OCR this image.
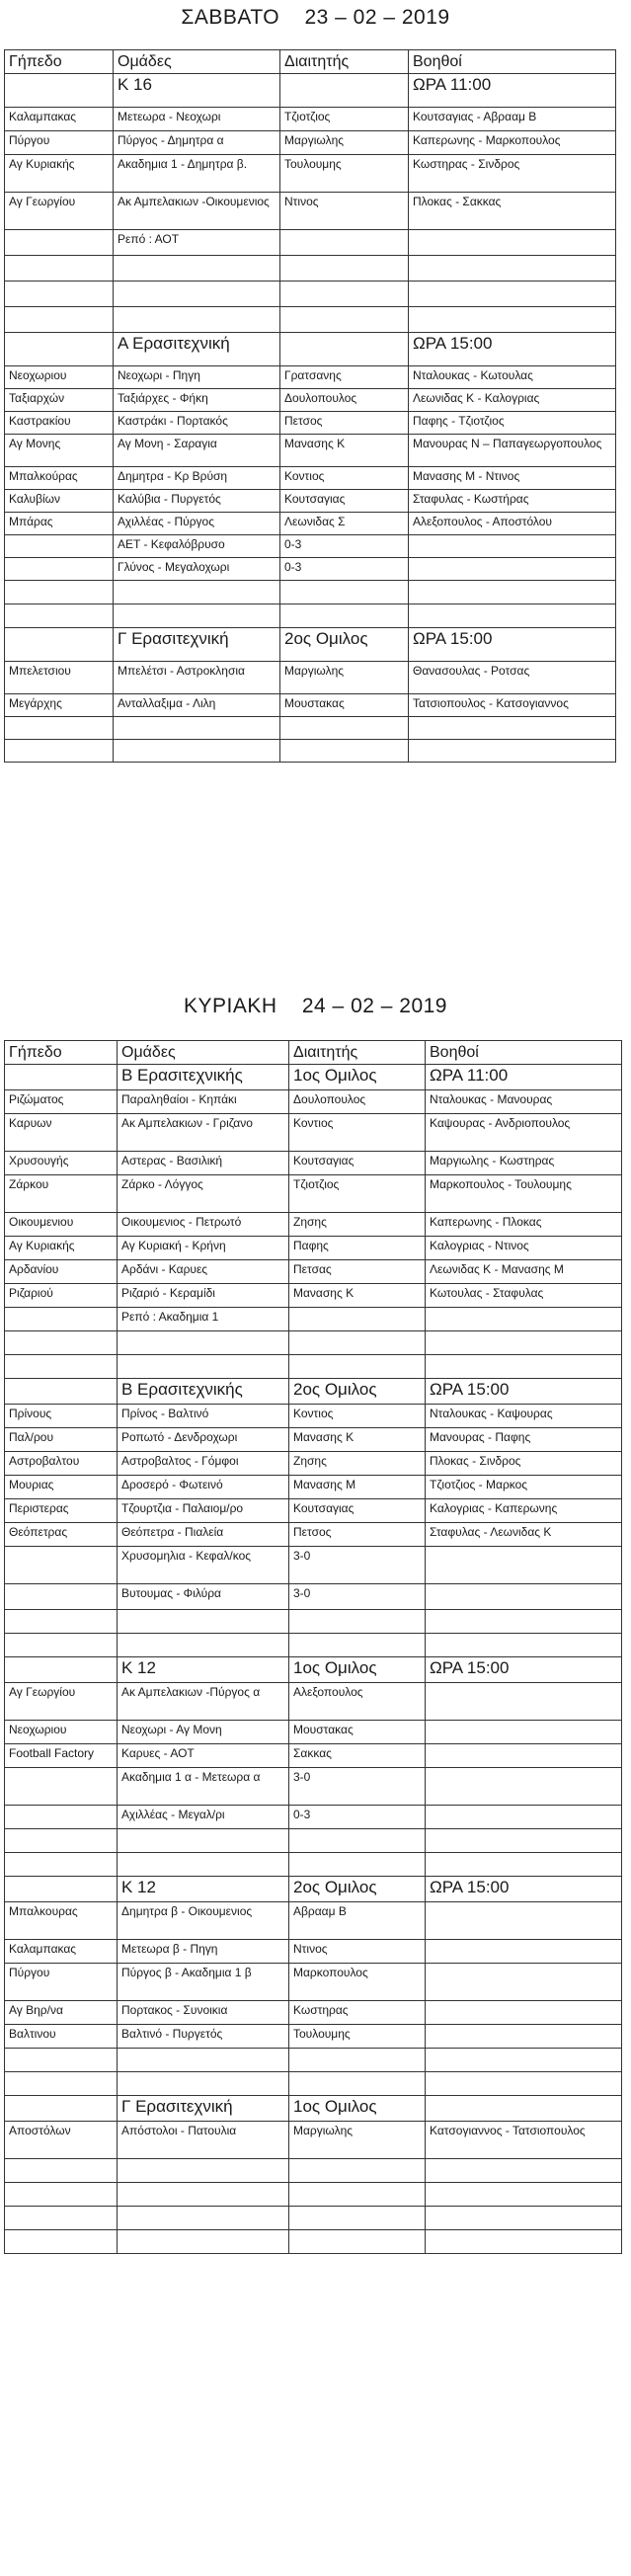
ΣΑΒΒΑΤΟ    23 – 02 – 2019
Γήπεδο	Ομάδες	Διαιτητής	Βοηθοί
	Κ 16		ΩΡΑ 11:00
Καλαμπακας	Μετεωρα - Νεοχωρι	Τζιοτζιος	Κουτσαγιας - Αβρααμ Β
Πύργου	Πύργος - Δημητρα α	Μαργιωλης	Καπερωνης - Μαρκοπουλος
Αγ Κυριακής	Ακαδημια 1 - Δημητρα β.	Τουλουμης	Κωστηρας - Σινδρος
Αγ Γεωργίου	Ακ Αμπελακιων -Οικουμενιος	Ντινος	Πλοκας - Σακκας
	Ρεπό : ΑΟΤ		

	Α Ερασιτεχνική		ΩΡΑ 15:00
Νεοχωριου	Νεοχωρι - Πηγη	Γρατσανης	Νταλουκας - Κωτουλας
Ταξιαρχών	Ταξιάρχες - Φήκη	Δουλοπουλος	Λεωνιδας Κ - Καλογριας
Καστρακίου	Καστράκι - Πορτακός	Πετσος	Παφης - Τζιοτζιος
Αγ Μονης	Αγ Μονη - Σαραγια	Μανασης Κ	Μανουρας Ν – Παπαγεωργοπουλος
Μπαλκούρας	Δημητρα - Κρ Βρύση	Κοντιος	Μανασης Μ - Ντινος
Καλυβίων	Καλύβια - Πυργετός	Κουτσαγιας	Σταφυλας - Κωστήρας
Μπάρας	Αχιλλέας - Πύργος	Λεωνιδας Σ	Αλεξοπουλος - Αποστόλου
	ΑΕΤ - Κεφαλόβρυσο	0-3	
	Γλύνος - Μεγαλοχωρι	0-3	

	Γ Ερασιτεχνική	2ος Ομιλος	ΩΡΑ 15:00
Μπελετσιου	Μπελέτσι - Αστροκλησια	Μαργιωλης	Θανασουλας - Ροτσας
Μεγάρχης	Ανταλλαξιμα - Λιλη	Μουστακας	Τατσιοπουλος - Κατσογιαννος

ΚΥΡΙΑΚΗ    24 – 02 – 2019
Γήπεδο	Ομάδες	Διαιτητής	Βοηθοί
	Β Ερασιτεχνικής	1ος Ομιλος	ΩΡΑ 11:00
Ριζώματος	Παραληθαίοι - Κηπάκι	Δουλοπουλος	Νταλουκας - Μανουρας
Καρυων	Ακ Αμπελακιων - Γριζανο	Κοντιος	Καψουρας - Ανδριοπουλος
Χρυσουγής	Αστερας - Βασιλική	Κουτσαγιας	Μαργιωλης - Κωστηρας
Ζάρκου	Ζάρκο - Λόγγος	Τζιοτζιος	Μαρκοπουλος - Τουλουμης
Οικουμενιου	Οικουμενιος - Πετρωτό	Ζησης	Καπερωνης - Πλοκας
Αγ Κυριακής	Αγ Κυριακή - Κρήνη	Παφης	Καλογριας - Ντινος
Αρδανίου	Αρδάνι - Καρυες	Πετσας	Λεωνιδας Κ - Μανασης Μ
Ριζαριού	Ριζαριό - Κεραμίδι	Μανασης Κ	Κωτουλας - Σταφυλας
	Ρεπό : Ακαδημια 1		

	Β Ερασιτεχνικής	2ος Ομιλος	ΩΡΑ 15:00
Πρίνους	Πρίνος - Βαλτινό	Κοντιος	Νταλουκας - Καψουρας
Παλ/ρου	Ροπωτό - Δενδροχωρι	Μανασης Κ	Μανουρας - Παφης
Αστροβαλτου	Αστροβαλτος - Γόμφοι	Ζησης	Πλοκας - Σινδρος
Μουριας	Δροσερό - Φωτεινό	Μανασης Μ	Τζιοτζιος - Μαρκος
Περιστερας	Τζουρτζια - Παλαιομ/ρο	Κουτσαγιας	Καλογριας - Καπερωνης
Θεόπετρας	Θεόπετρα - Πιαλεία	Πετσος	Σταφυλας - Λεωνιδας Κ
	Χρυσομηλια - Κεφαλ/κος	3-0	
	Βυτουμας - Φιλύρα	3-0	

	Κ 12	1ος Ομιλος	ΩΡΑ 15:00
Αγ Γεωργίου	Ακ Αμπελακιων -Πύργος α	Αλεξοπουλος	
Νεοχωριου	Νεοχωρι - Αγ Μονη	Μουστακας	
Football Factory	Καρυες - ΑΟΤ	Σακκας	
	Ακαδημια 1 α - Μετεωρα α	3-0	
	Αχιλλέας - Μεγαλ/ρι	0-3	

	Κ 12	2ος Ομιλος	ΩΡΑ 15:00
Μπαλκουρας	Δημητρα β - Οικουμενιος	Αβρααμ Β	
Καλαμπακας	Μετεωρα β - Πηγη	Ντινος	
Πύργου	Πύργος β - Ακαδημια 1 β	Μαρκοπουλος	
Αγ Βηρ/να	Πορτακος - Συνοικια	Κωστηρας	
Βαλτινου	Βαλτινό - Πυργετός	Τουλουμης	

	Γ Ερασιτεχνική	1ος Ομιλος	
Αποστόλων	Απόστολοι - Πατουλια	Μαργιωλης	Κατσογιαννος - Τατσιοπουλος
